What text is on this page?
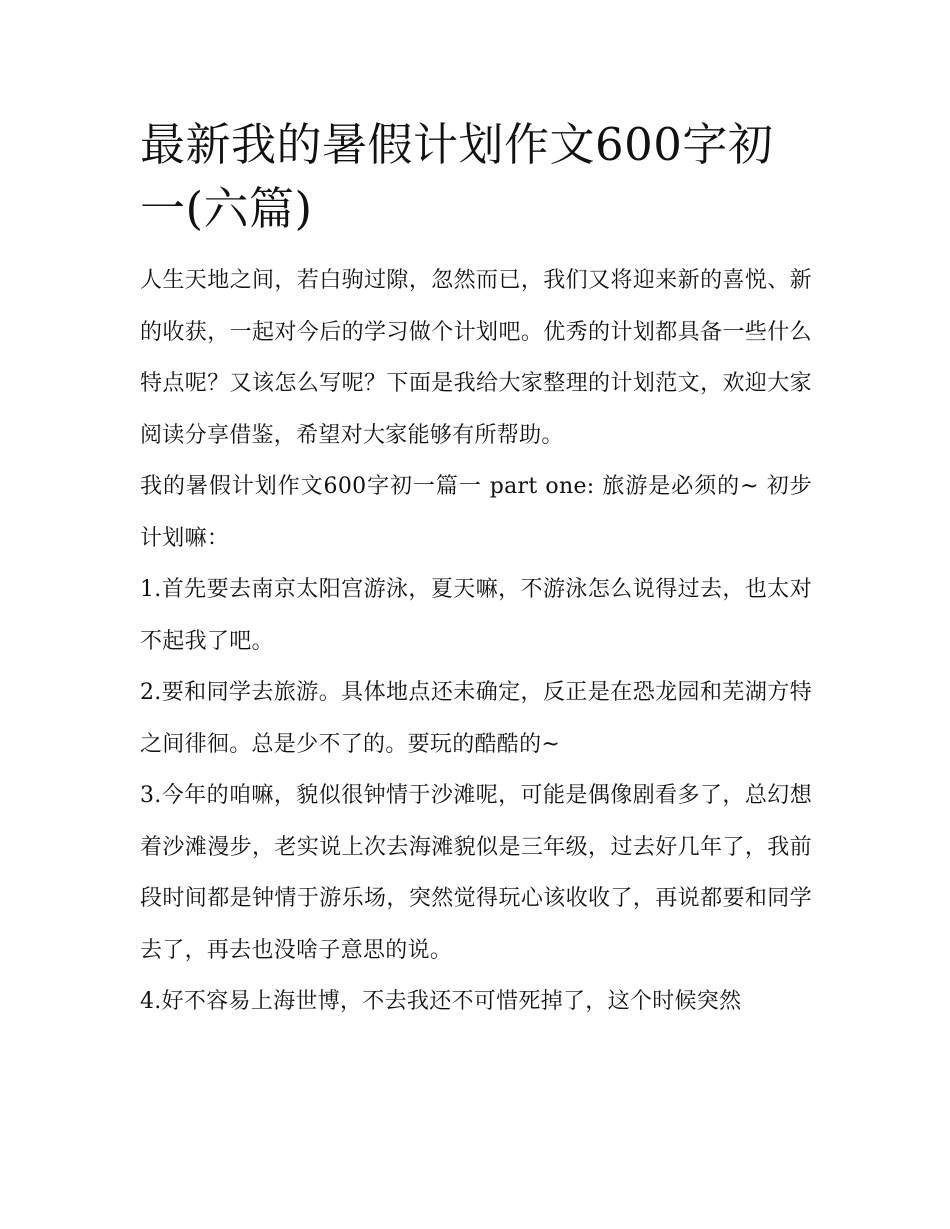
最新我的暑假计划作文600字初一(六篇)

人生天地之间，若白驹过隙，忽然而已，我们又将迎来新的喜悦、新的收获，一起对今后的学习做个计划吧。优秀的计划都具备一些什么特点呢？又该怎么写呢？下面是我给大家整理的计划范文，欢迎大家阅读分享借鉴，希望对大家能够有所帮助。

我的暑假计划作文600字初一篇一 part one: 旅游是必须的~ 初步计划嘛：

1.首先要去南京太阳宫游泳，夏天嘛，不游泳怎么说得过去，也太对不起我了吧。

2.要和同学去旅游。具体地点还未确定，反正是在恐龙园和芜湖方特之间徘徊。总是少不了的。要玩的酷酷的~

3.今年的咱嘛，貌似很钟情于沙滩呢，可能是偶像剧看多了，总幻想着沙滩漫步，老实说上次去海滩貌似是三年级，过去好几年了，我前段时间都是钟情于游乐场，突然觉得玩心该收收了，再说都要和同学去了，再去也没啥子意思的说。

4.好不容易上海世博，不去我还不可惜死掉了，这个时候突然
